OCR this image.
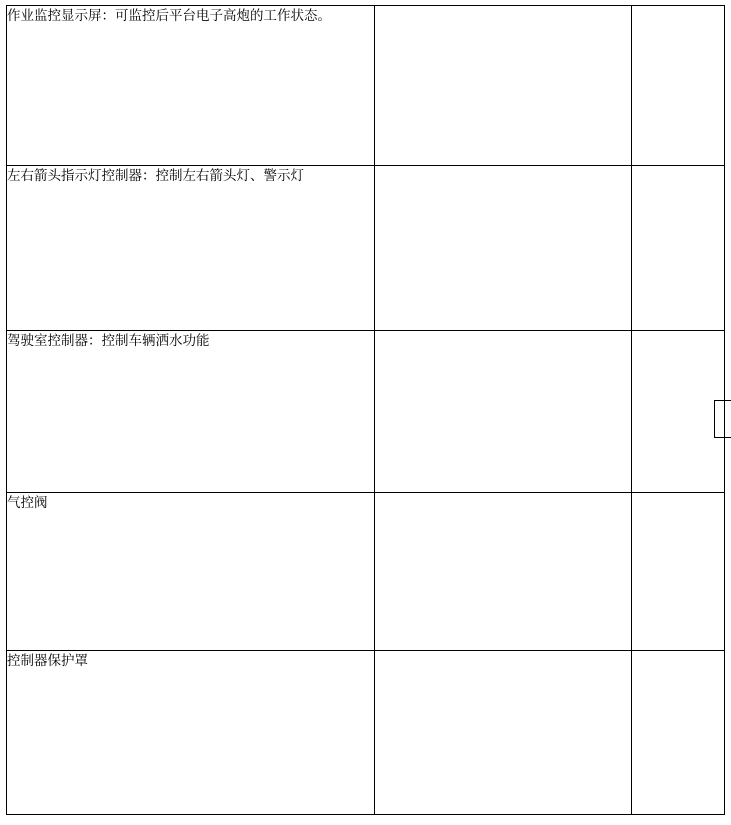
作业监控显示屏：可监控后平台电子高炮的工作状态。	

左右箭头指示灯控制器：控制左右箭头灯、警示灯	

驾驶室控制器：控制车辆洒水功能	

气控阀	

控制器保护罩	
